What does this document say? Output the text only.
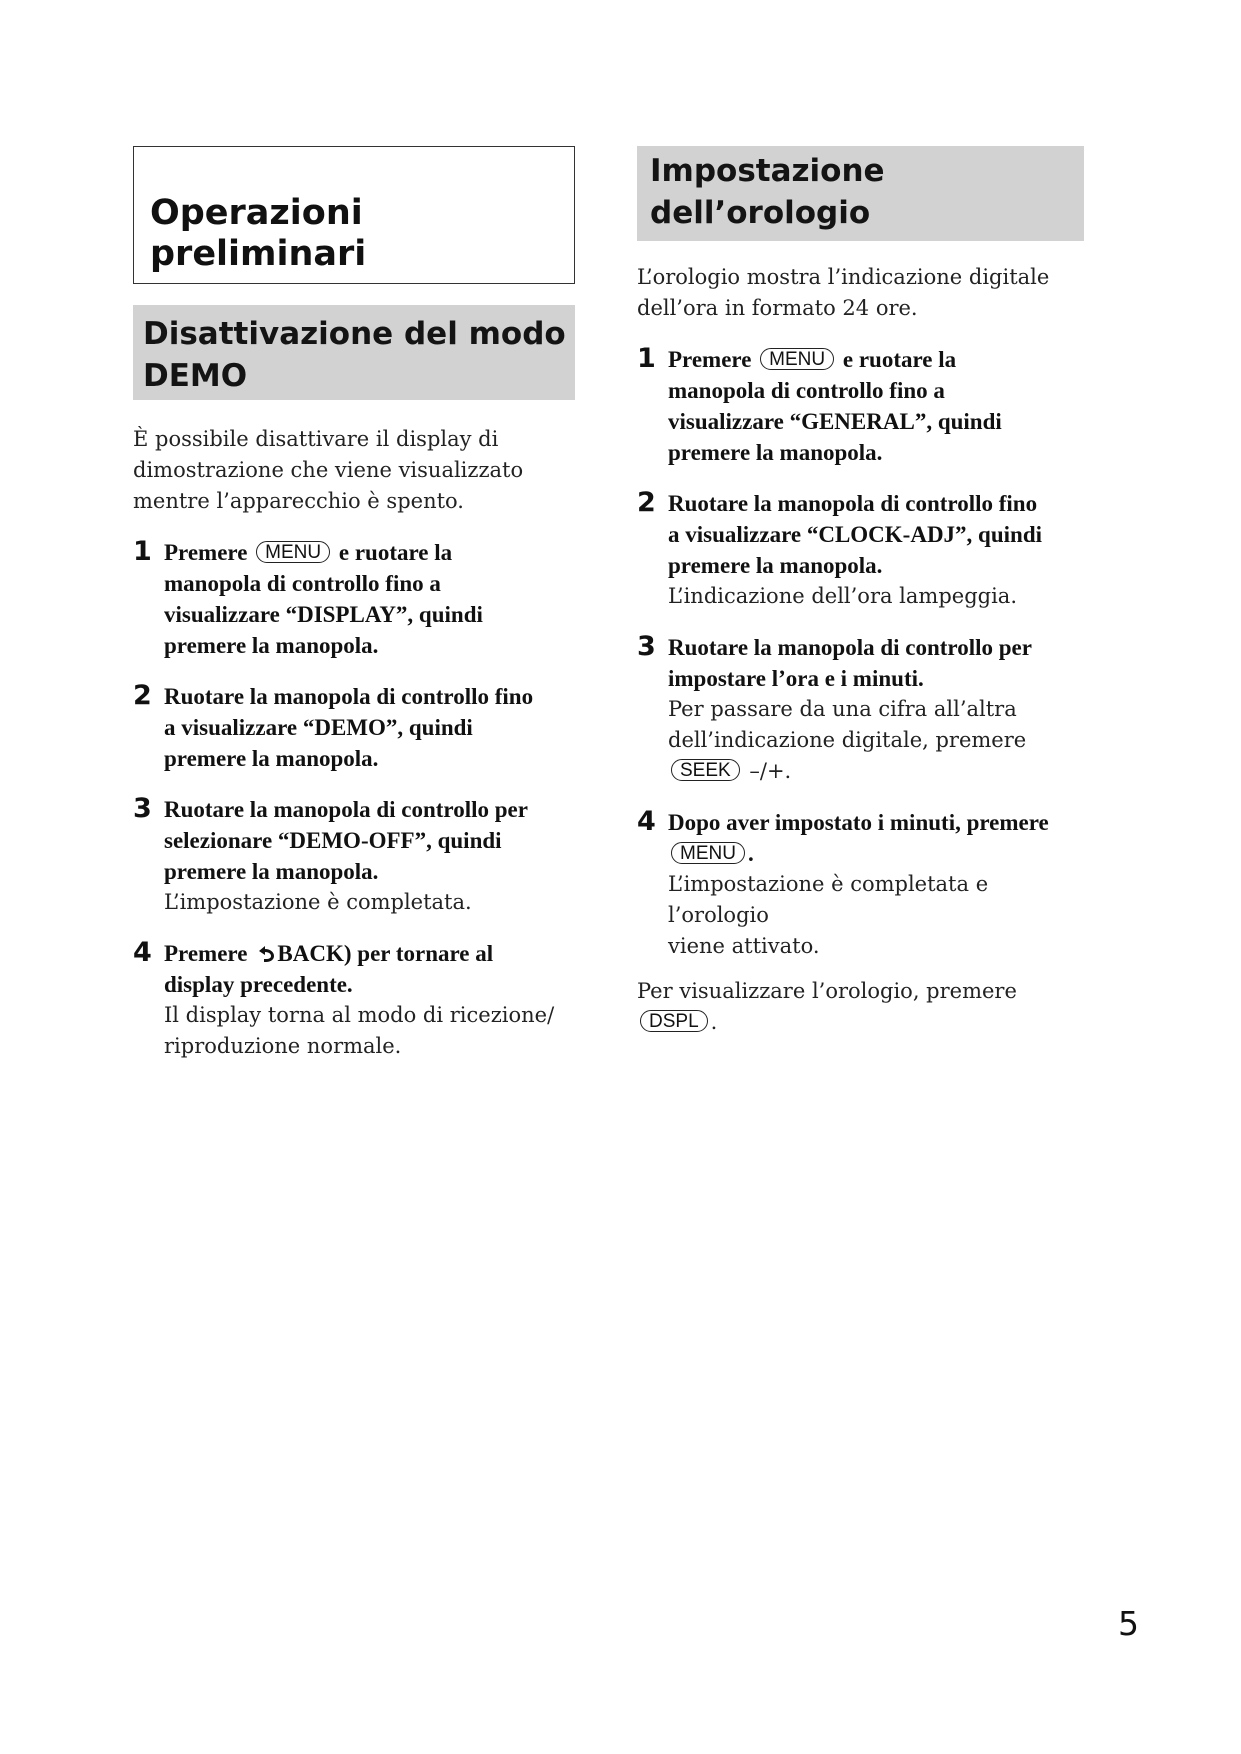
Operazioni
preliminari
Disattivazione del modo
DEMO

È possibile disattivare il display di
dimostrazione che viene visualizzato
mentre l’apparecchio è spento.

1 Premere MENU e ruotare la
manopola di controllo fino a
visualizzare “DISPLAY”, quindi
premere la manopola.

2 Ruotare la manopola di controllo fino
a visualizzare “DEMO”, quindi
premere la manopola.

3 Ruotare la manopola di controllo per
selezionare “DEMO-OFF”, quindi
premere la manopola.

L’impostazione è completata.

4 Premere BACK) per tornare al
display precedente.

Il display torna al modo di ricezione/
riproduzione normale.

Impostazione
dell’orologio

L’orologio mostra l’indicazione digitale
dell’ora in formato 24 ore.

1 Premere MENU e ruotare la
manopola di controllo fino a
visualizzare “GENERAL”, quindi
premere la manopola.

2 Ruotare la manopola di controllo fino
a visualizzare “CLOCK-ADJ”, quindi
premere la manopola.

L’indicazione dell’ora lampeggia.

3 Ruotare la manopola di controllo per
impostare l’ora e i minuti.

Per passare da una cifra all’altra
dell’indicazione digitale, premere
SEEK –/+.

4 Dopo aver impostato i minuti, premere
MENU .

L’impostazione è completata e l’orologio
viene attivato.

Per visualizzare l’orologio, premere
DSPL .

5
